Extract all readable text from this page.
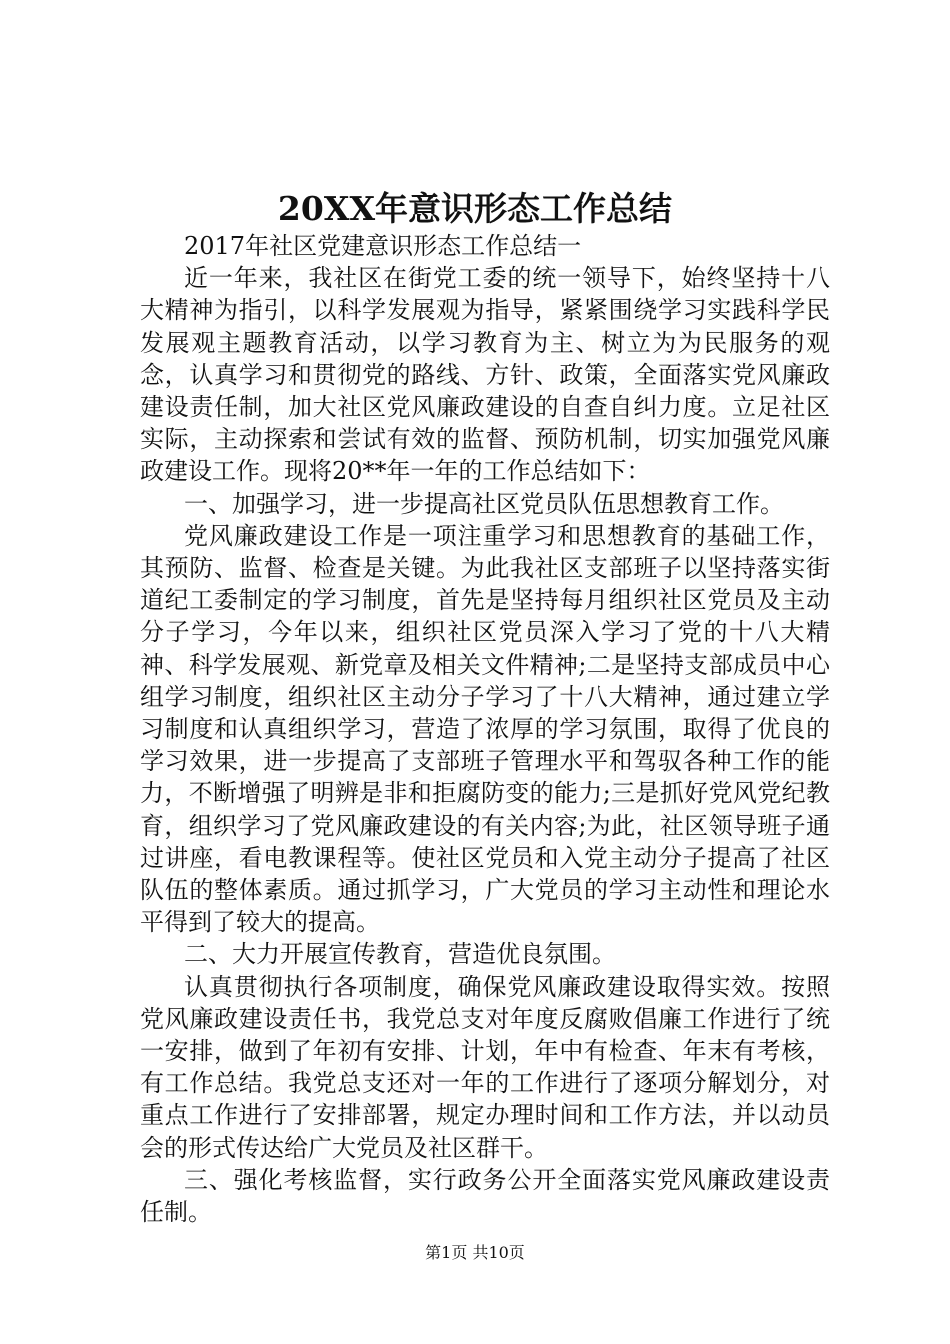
20XX年意识形态工作总结

2017年社区党建意识形态工作总结一

近一年来，我社区在街党工委的统一领导下，始终坚持十八大精神为指引，以科学发展观为指导，紧紧围绕学习实践科学民发展观主题教育活动，以学习教育为主、树立为为民服务的观念，认真学习和贯彻党的路线、方针、政策，全面落实党风廉政建设责任制，加大社区党风廉政建设的自查自纠力度。立足社区实际，主动探索和尝试有效的监督、预防机制，切实加强党风廉政建设工作。现将20**年一年的工作总结如下：

一、加强学习，进一步提高社区党员队伍思想教育工作。

党风廉政建设工作是一项注重学习和思想教育的基础工作，其预防、监督、检查是关键。为此我社区支部班子以坚持落实街道纪工委制定的学习制度，首先是坚持每月组织社区党员及主动分子学习，今年以来，组织社区党员深入学习了党的十八大精神、科学发展观、新党章及相关文件精神;二是坚持支部成员中心组学习制度，组织社区主动分子学习了十八大精神，通过建立学习制度和认真组织学习，营造了浓厚的学习氛围，取得了优良的学习效果，进一步提高了支部班子管理水平和驾驭各种工作的能力，不断增强了明辨是非和拒腐防变的能力;三是抓好党风党纪教育，组织学习了党风廉政建设的有关内容;为此，社区领导班子通过讲座，看电教课程等。使社区党员和入党主动分子提高了社区队伍的整体素质。通过抓学习，广大党员的学习主动性和理论水平得到了较大的提高。

二、大力开展宣传教育，营造优良氛围。

认真贯彻执行各项制度，确保党风廉政建设取得实效。按照党风廉政建设责任书，我党总支对年度反腐败倡廉工作进行了统一安排，做到了年初有安排、计划，年中有检查、年末有考核，有工作总结。我党总支还对一年的工作进行了逐项分解划分，对重点工作进行了安排部署，规定办理时间和工作方法，并以动员会的形式传达给广大党员及社区群干。

三、强化考核监督，实行政务公开全面落实党风廉政建设责任制。

第1页 共10页
